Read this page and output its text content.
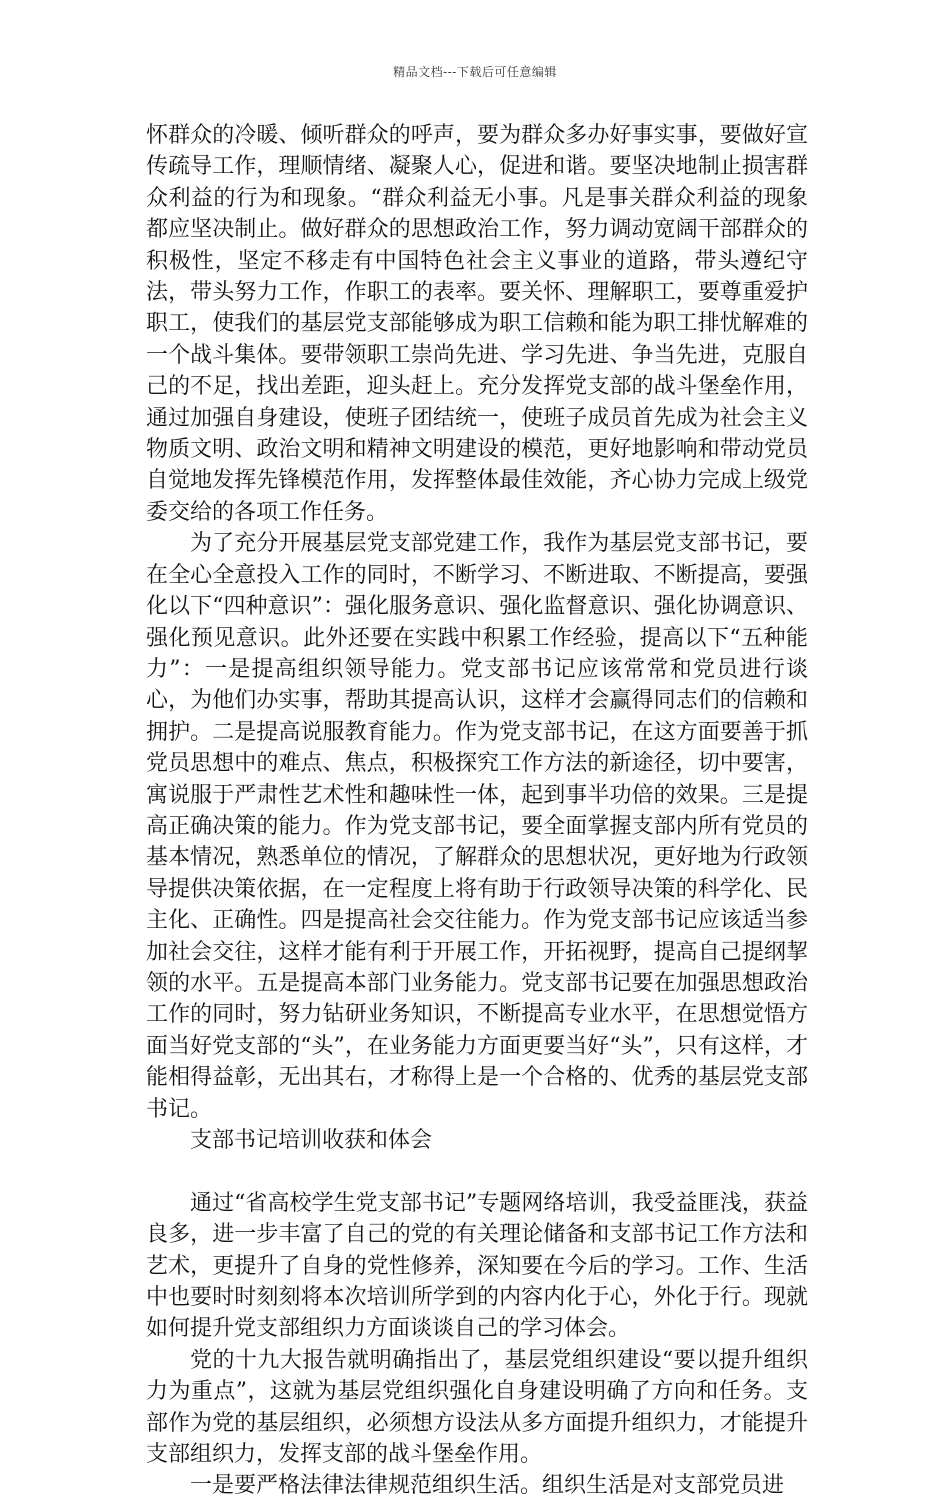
精品文档---下载后可任意编辑

怀群众的冷暖、倾听群众的呼声，要为群众多办好事实事，要做好宣传疏导工作，理顺情绪、凝聚人心，促进和谐。要坚决地制止损害群众利益的行为和现象。“群众利益无小事。凡是事关群众利益的现象都应坚决制止。做好群众的思想政治工作，努力调动宽阔干部群众的积极性，坚定不移走有中国特色社会主义事业的道路，带头遵纪守法，带头努力工作，作职工的表率。要关怀、理解职工，要尊重爱护职工，使我们的基层党支部能够成为职工信赖和能为职工排忧解难的一个战斗集体。要带领职工崇尚先进、学习先进、争当先进，克服自己的不足，找出差距，迎头赶上。充分发挥党支部的战斗堡垒作用，通过加强自身建设，使班子团结统一，使班子成员首先成为社会主义物质文明、政治文明和精神文明建设的模范，更好地影响和带动党员自觉地发挥先锋模范作用，发挥整体最佳效能，齐心协力完成上级党委交给的各项工作任务。

为了充分开展基层党支部党建工作，我作为基层党支部书记，要在全心全意投入工作的同时，不断学习、不断进取、不断提高，要强化以下“四种意识”：强化服务意识、强化监督意识、强化协调意识、强化预见意识。此外还要在实践中积累工作经验，提高以下“五种能力”：一是提高组织领导能力。党支部书记应该常常和党员进行谈心，为他们办实事，帮助其提高认识，这样才会赢得同志们的信赖和拥护。二是提高说服教育能力。作为党支部书记，在这方面要善于抓党员思想中的难点、焦点，积极探究工作方法的新途径，切中要害，寓说服于严肃性艺术性和趣味性一体，起到事半功倍的效果。三是提高正确决策的能力。作为党支部书记，要全面掌握支部内所有党员的基本情况，熟悉单位的情况，了解群众的思想状况，更好地为行政领导提供决策依据，在一定程度上将有助于行政领导决策的科学化、民主化、正确性。四是提高社会交往能力。作为党支部书记应该适当参加社会交往，这样才能有利于开展工作，开拓视野，提高自己提纲挈领的水平。五是提高本部门业务能力。党支部书记要在加强思想政治工作的同时，努力钻研业务知识，不断提高专业水平，在思想觉悟方面当好党支部的“头”，在业务能力方面更要当好“头”，只有这样，才能相得益彰，无出其右，才称得上是一个合格的、优秀的基层党支部书记。

支部书记培训收获和体会

通过“省高校学生党支部书记”专题网络培训，我受益匪浅，获益良多，进一步丰富了自己的党的有关理论储备和支部书记工作方法和艺术，更提升了自身的党性修养，深知要在今后的学习。工作、生活中也要时时刻刻将本次培训所学到的内容内化于心，外化于行。现就如何提升党支部组织力方面谈谈自己的学习体会。

党的十九大报告就明确指出了，基层党组织建设“要以提升组织力为重点”，这就为基层党组织强化自身建设明确了方向和任务。支部作为党的基层组织，必须想方设法从多方面提升组织力，才能提升支部组织力，发挥支部的战斗堡垒作用。

一是要严格法律法律规范组织生活。组织生活是对支部党员进
